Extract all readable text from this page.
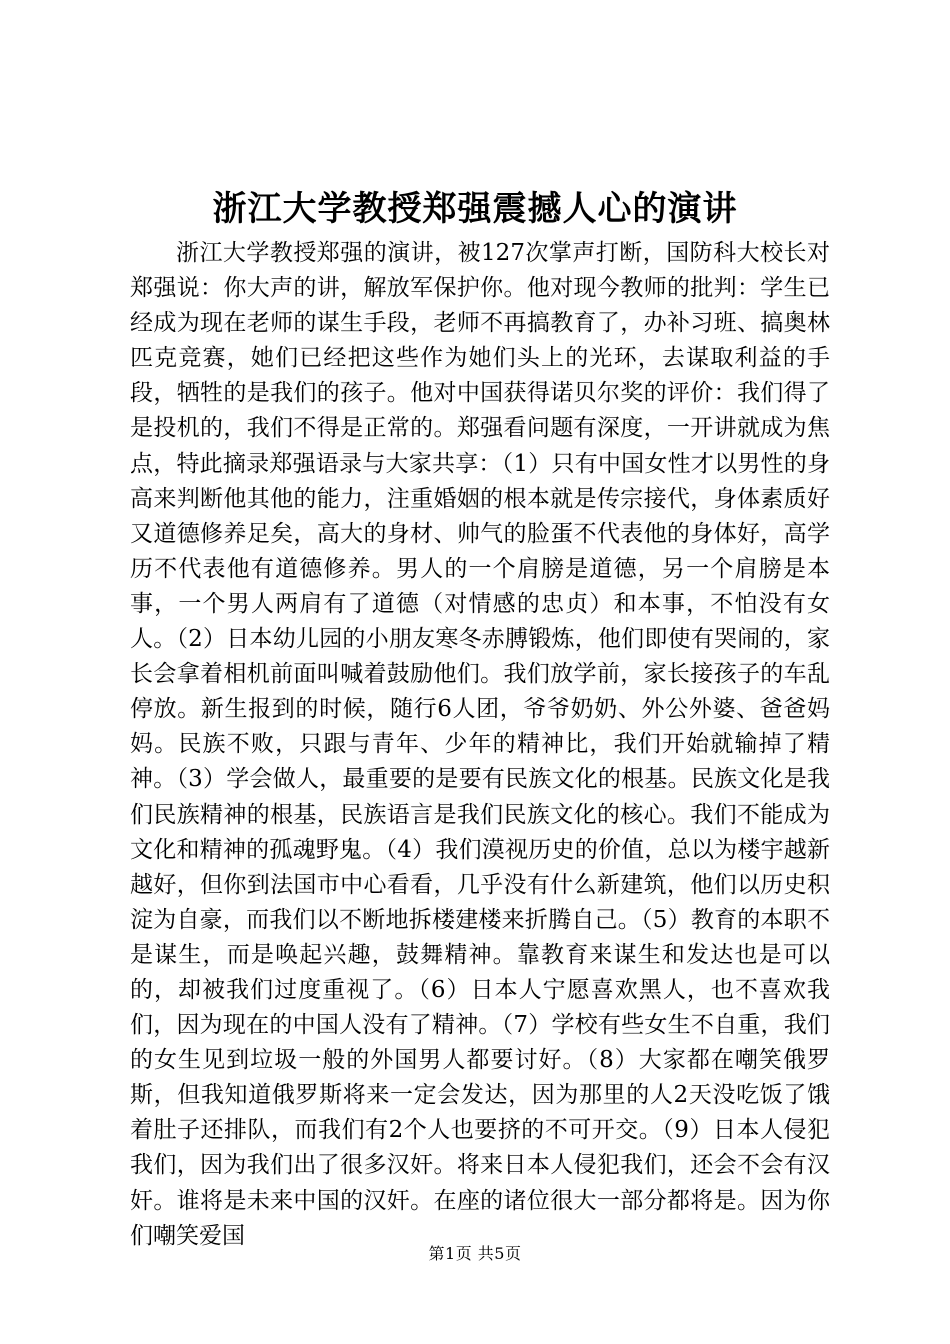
浙江大学教授郑强震撼人心的演讲

浙江大学教授郑强的演讲，被127次掌声打断，国防科大校长对郑强说：你大声的讲，解放军保护你。他对现今教师的批判：学生已经成为现在老师的谋生手段，老师不再搞教育了，办补习班、搞奥林匹克竞赛，她们已经把这些作为她们头上的光环，去谋取利益的手段，牺牲的是我们的孩子。他对中国获得诺贝尔奖的评价：我们得了是投机的，我们不得是正常的。郑强看问题有深度，一开讲就成为焦点，特此摘录郑强语录与大家共享：（1）只有中国女性才以男性的身高来判断他其他的能力，注重婚姻的根本就是传宗接代，身体素质好又道德修养足矣，高大的身材、帅气的脸蛋不代表他的身体好，高学历不代表他有道德修养。男人的一个肩膀是道德，另一个肩膀是本事，一个男人两肩有了道德（对情感的忠贞）和本事，不怕没有女人。（2）日本幼儿园的小朋友寒冬赤膊锻炼，他们即使有哭闹的，家长会拿着相机前面叫喊着鼓励他们。我们放学前，家长接孩子的车乱停放。新生报到的时候，随行6人团，爷爷奶奶、外公外婆、爸爸妈妈。民族不败，只跟与青年、少年的精神比，我们开始就输掉了精神。（3）学会做人，最重要的是要有民族文化的根基。民族文化是我们民族精神的根基，民族语言是我们民族文化的核心。我们不能成为文化和精神的孤魂野鬼。（4）我们漠视历史的价值，总以为楼宇越新越好，但你到法国市中心看看，几乎没有什么新建筑，他们以历史积淀为自豪，而我们以不断地拆楼建楼来折腾自己。（5）教育的本职不是谋生，而是唤起兴趣，鼓舞精神。靠教育来谋生和发达也是可以的，却被我们过度重视了。（6）日本人宁愿喜欢黑人，也不喜欢我们，因为现在的中国人没有了精神。（7）学校有些女生不自重，我们的女生见到垃圾一般的外国男人都要讨好。（8）大家都在嘲笑俄罗斯，但我知道俄罗斯将来一定会发达，因为那里的人2天没吃饭了饿着肚子还排队，而我们有2个人也要挤的不可开交。（9）日本人侵犯我们，因为我们出了很多汉奸。将来日本人侵犯我们，还会不会有汉奸。谁将是未来中国的汉奸。在座的诸位很大一部分都将是。因为你们嘲笑爱国

第1页 共5页
